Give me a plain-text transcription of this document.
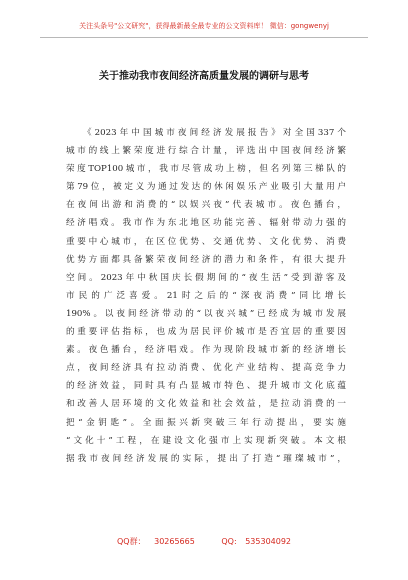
关注头条号"公文研究"，获得最新最全最专业的公文资料库！ 微信：gongwenyj
关于推动我市夜间经济高质量发展的调研与思考
《2023年中国城市夜间经济发展报告》对全国337个
城市的线上繁荣度进行综合计量，评选出中国夜间经济繁
荣度TOP100城市，我市尽管成功上榜，但名列第三梯队的
第79位，被定义为通过发达的休闲娱乐产业吸引大量用户
在夜间出游和消费的“以娱兴夜”代表城市。夜色播台，
经济唱戏。我市作为东北地区功能完善、辐射带动力强的
重要中心城市，在区位优势、交通优势、文化优势、消费
优势方面都具备繁荣夜间经济的潜力和条件，有很大提升
空间。2023年中秋国庆长假期间的“夜生活”受到游客及
市民的广泛喜爱。21时之后的“深夜消费”同比增长
190%。以夜间经济带动的“以夜兴城”已经成为城市发展
的重要评估指标，也成为居民评价城市是否宜居的重要因
素。夜色播台，经济唱戏。作为现阶段城市新的经济增长
点，夜间经济具有拉动消费、优化产业结构、提高竞争力
的经济效益，同时具有凸显城市特色、提升城市文化底蕴
和改善人居环境的文化效益和社会效益，是拉动消费的一
把“金钥匙”。全面振兴新突破三年行动提出，要实施
“文化十”工程，在建设文化强市上实现新突破。本文根
据我市夜间经济发展的实际，提出了打造“璀璨城市”，
QQ群： 30265665	QQ: 535304092
